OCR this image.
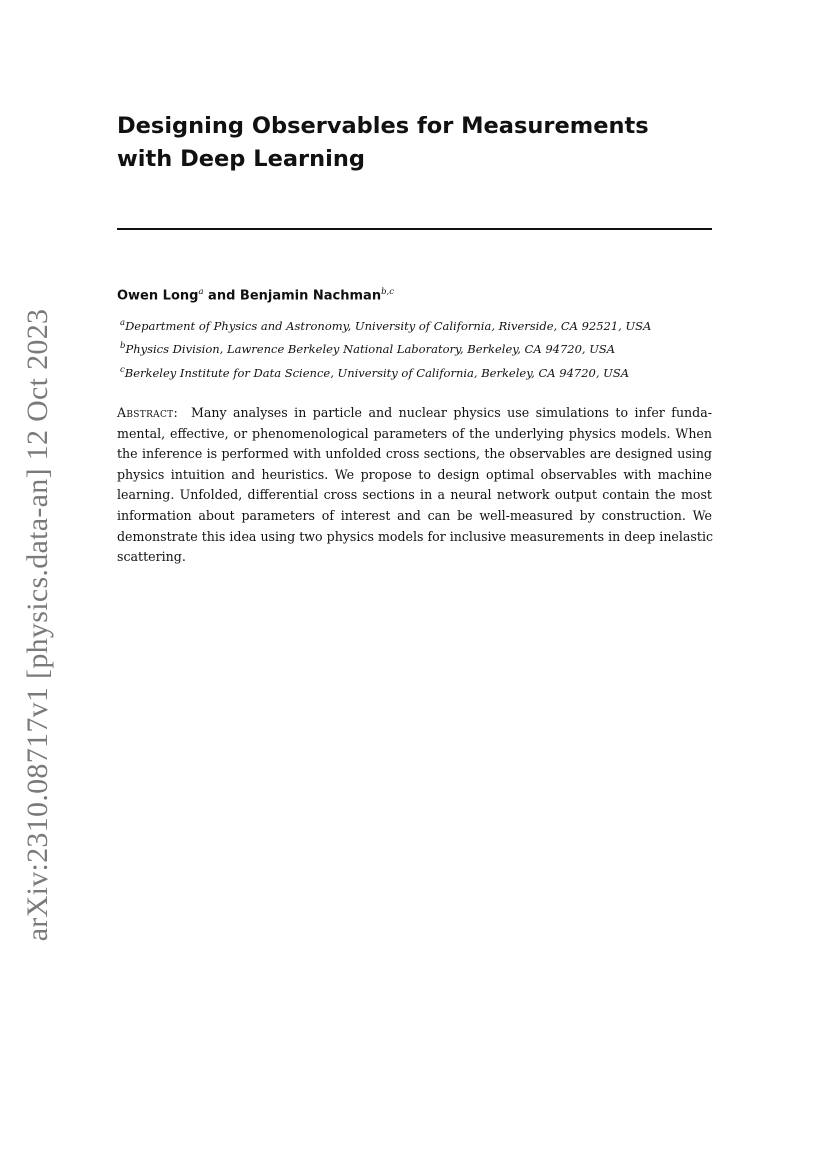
arXiv:2310.08717v1 [physics.data-an] 12 Oct 2023
Designing Observables for Measurements
with Deep Learning
Owen Long$^a$ and Benjamin Nachman$^{b,c}$
$^a$Department of Physics and Astronomy, University of California, Riverside, CA 92521, USA
$^b$Physics Division, Lawrence Berkeley National Laboratory, Berkeley, CA 94720, USA
$^c$Berkeley Institute for Data Science, University of California, Berkeley, CA 94720, USA
Abstract: Many analyses in particle and nuclear physics use simulations to infer funda-
mental, effective, or phenomenological parameters of the underlying physics models. When
the inference is performed with unfolded cross sections, the observables are designed using
physics intuition and heuristics. We propose to design optimal observables with machine
learning. Unfolded, differential cross sections in a neural network output contain the most
information about parameters of interest and can be well-measured by construction. We
demonstrate this idea using two physics models for inclusive measurements in deep inelastic
scattering.
